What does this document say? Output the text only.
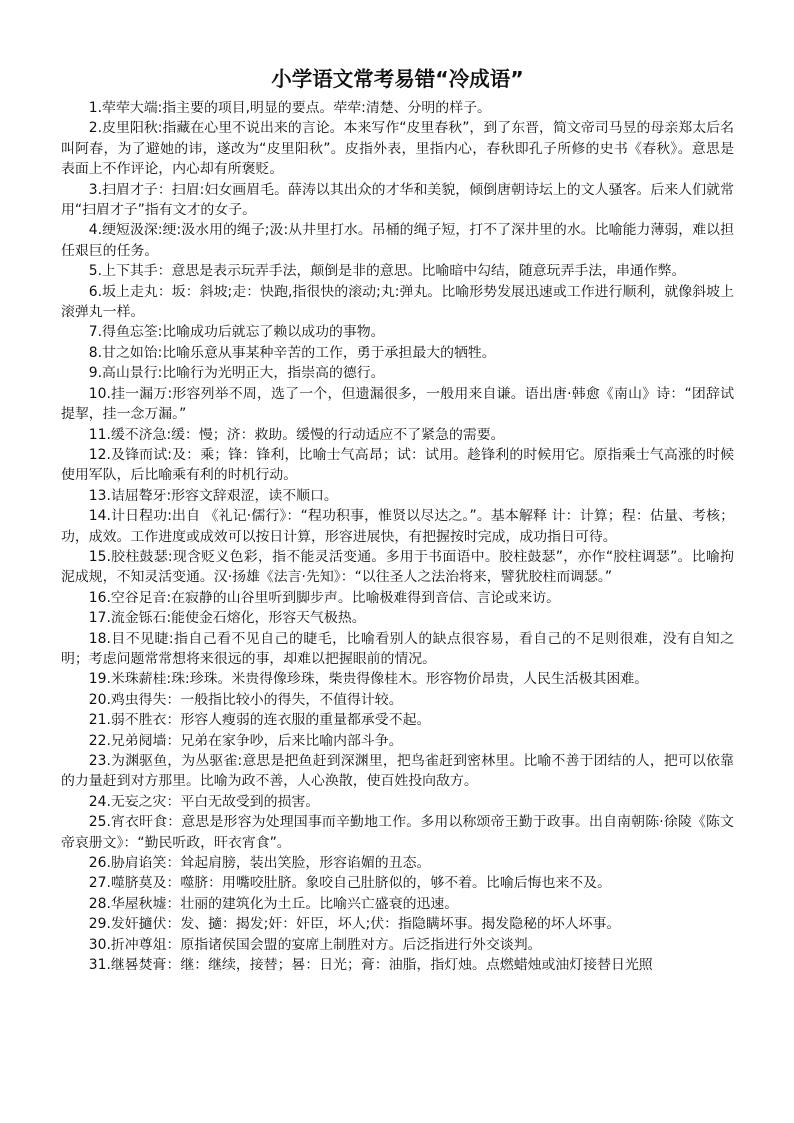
小学语文常考易错“冷成语”

1.荦荦大端:指主要的项目,明显的要点。荦荦:清楚、分明的样子。

2.皮里阳秋:指藏在心里不说出来的言论。本来写作“皮里春秋”，到了东晋，简文帝司马昱的母亲郑太后名叫阿春，为了避她的讳，遂改为“皮里阳秋”。皮指外表，里指内心，春秋即孔子所修的史书《春秋》。意思是表面上不作评论，内心却有所褒贬。

3.扫眉才子：扫眉:妇女画眉毛。薛涛以其出众的才华和美貌，倾倒唐朝诗坛上的文人骚客。后来人们就常用“扫眉才子”指有文才的女子。

4.绠短汲深:绠:汲水用的绳子;汲:从井里打水。吊桶的绳子短，打不了深井里的水。比喻能力薄弱，难以担任艰巨的任务。

5.上下其手：意思是表示玩弄手法，颠倒是非的意思。比喻暗中勾结，随意玩弄手法，串通作弊。

6.坂上走丸：坂：斜坡;走：快跑,指很快的滚动;丸:弹丸。比喻形势发展迅速或工作进行顺利，就像斜坡上滚弹丸一样。

7.得鱼忘筌:比喻成功后就忘了赖以成功的事物。

8.甘之如饴:比喻乐意从事某种辛苦的工作，勇于承担最大的牺牲。

9.高山景行:比喻行为光明正大，指崇高的德行。

10.挂一漏万:形容列举不周，选了一个，但遗漏很多，一般用来自谦。语出唐·韩愈《南山》诗：“团辞试提挈，挂一念万漏。”

11.缓不济急:缓：慢；济：救助。缓慢的行动适应不了紧急的需要。

12.及锋而试:及：乘；锋：锋利，比喻士气高昂；试：试用。趁锋利的时候用它。原指乘士气高涨的时候使用军队，后比喻乘有利的时机行动。

13.诘屈聱牙:形容文辞艰涩，读不顺口。

14.计日程功:出自 《礼记·儒行》：“程功积事，惟贤以尽达之。”。基本解释 计：计算；程：估量、考核；功，成效。工作进度或成效可以按日计算，形容进展快，有把握按时完成，成功指日可待。

15.胶柱鼓瑟:现含贬义色彩，指不能灵活变通。多用于书面语中。胶柱鼓瑟”，亦作“胶柱调瑟”。比喻拘泥成规，不知灵活变通。汉·扬雄《法言·先知》：“以往圣人之法治将来，譬犹胶柱而调瑟。”

16.空谷足音:在寂静的山谷里听到脚步声。比喻极难得到音信、言论或来访。

17.流金铄石:能使金石熔化，形容天气极热。

18.目不见睫:指自己看不见自己的睫毛，比喻看别人的缺点很容易，看自己的不足则很难，没有自知之明；考虑问题常常想将来很远的事，却难以把握眼前的情况。

19.米珠薪桂:珠:珍珠。米贵得像珍珠，柴贵得像桂木。形容物价昂贵，人民生活极其困难。

20.鸡虫得失：一般指比较小的得失，不值得计较。

21.弱不胜衣：形容人瘦弱的连衣服的重量都承受不起。

22.兄弟阋墙：兄弟在家争吵，后来比喻内部斗争。

23.为渊驱鱼，为丛驱雀:意思是把鱼赶到深渊里，把鸟雀赶到密林里。比喻不善于团结的人，把可以依靠的力量赶到对方那里。比喻为政不善，人心涣散，使百姓投向敌方。

24.无妄之灾：平白无故受到的损害。

25.宵衣旰食：意思是形容为处理国事而辛勤地工作。多用以称颂帝王勤于政事。出自南朝陈·徐陵《陈文帝哀册文》：“勤民听政，旰衣宵食”。

26.胁肩谄笑：耸起肩膀，装出笑脸，形容谄媚的丑态。

27.噬脐莫及：噬脐：用嘴咬肚脐。象咬自己肚脐似的，够不着。比喻后悔也来不及。

28.华屋秋墟：壮丽的建筑化为土丘。比喻兴亡盛衰的迅速。

29.发奸擿伏：发、擿：揭发;奸：奸臣，坏人;伏：指隐瞒坏事。揭发隐秘的坏人坏事。

30.折冲尊俎：原指诸侯国会盟的宴席上制胜对方。后泛指进行外交谈判。

31.继晷焚膏：继：继续，接替；晷：日光；膏：油脂，指灯烛。点燃蜡烛或油灯接替日光照
